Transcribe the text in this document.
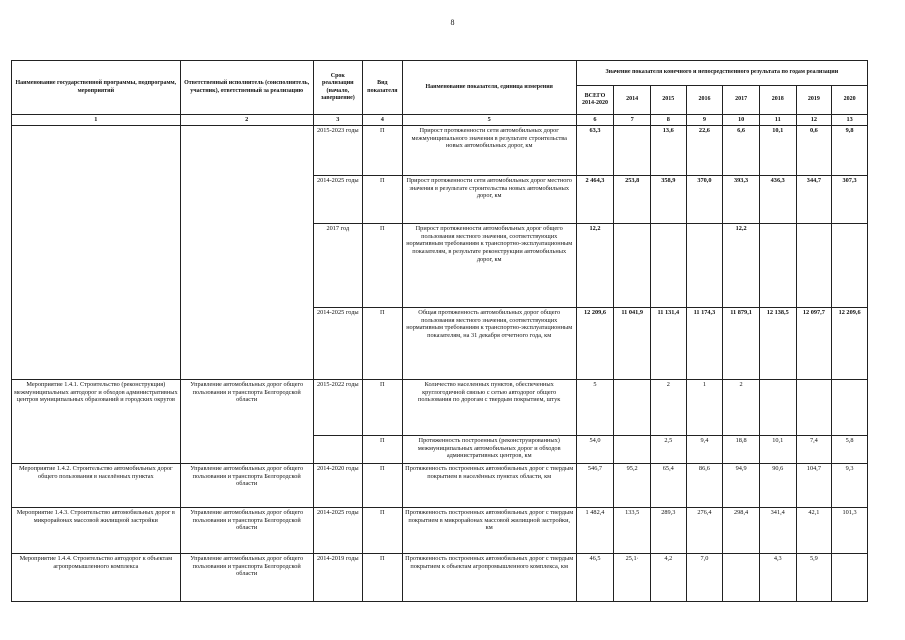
8
Наименование государственной программы, подпрограмм, мероприятий	Ответственный исполнитель (соисполнитель, участник), ответственный за реализацию	Срок реализации (начало, завершение)	Вид показателя	Наименование показателя, единица измерения	Значение показателя конечного и непосредственного результата по годам реализации							
					ВСЕГО 2014-2020	2014	2015	2016	2017	2018	2019	2020
1	2	3	4	5	6	7	8	9	10	11	12	13
		2015-2023 годы	П	Прирост протяженности сети автомобильных дорог межмуниципального значения в результате строительства новых автомобильных дорог, км	63,3		13,6	22,6	6,6	10,1	0,6	9,8
		2014-2025 годы	П	Прирост протяженности сети автомобильных дорог местного значения в результате строительства новых автомобильных дорог, км	2 464,3	253,8	358,9	370,0	393,3	436,3	344,7	307,3
		2017 год	П	Прирост протяженности автомобильных дорог общего пользования местного значения, соответствующих нормативным требованиям к транспортно-эксплуатационным показателям, в результате реконструкции автомобильных дорог, км	12,2				12,2			
		2014-2025 годы	П	Общая протяженность автомобильных дорог общего пользования местного значения, соответствующих нормативным требованиям к транспортно-эксплуатационным показателям, на 31 декабря отчетного года, км	12 209,6	11 041,9	11 131,4	11 174,3	11 879,1	12 138,5	12 097,7	12 209,6
Мероприятие 1.4.1. Строительство (реконструкция) межмуниципальных автодорог и обходов административных центров муниципальных образований и городских округов	Управление автомобильных дорог общего пользования и транспорта Белгородской области	2015-2022 годы	П	Количество населенных пунктов, обеспеченных круглогодичной связью с сетью автодорог общего пользования по дорогам с твердым покрытием, штук	5		2	1	2			
			П	Протяженность построенных (реконструированных) межмуниципальных автомобильных дорог и обходов административных центров, км	54,0		2,5	9,4	18,8	10,1	7,4	5,8
Мероприятие 1.4.2. Строительство автомобильных дорог общего пользования в населённых пунктах	Управление автомобильных дорог общего пользования и транспорта Белгородской области	2014-2020 годы	П	Протяженность построенных автомобильных дорог с твердым покрытием в населённых пунктах области, км	546,7	95,2	65,4	86,6	94,9	90,6	104,7	9,3
Мероприятие 1.4.3. Строительство автомобильных дорог в микрорайонах массовой жилищной застройки	Управление автомобильных дорог общего пользования и транспорта Белгородской области	2014-2025 годы	П	Протяженность построенных автомобильных дорог с твердым покрытием в микрорайонах массовой жилищной застройки, км	1 482,4	133,5	289,3	276,4	298,4	341,4	42,1	101,3
Мероприятие 1.4.4. Строительство автодорог к объектам агропромышленного комплекса	Управление автомобильных дорог общего пользования и транспорта Белгородской области	2014-2019 годы	П	Протяженность построенных автомобильных дорог с твердым покрытием к объектам агропромышленного комплекса, км	46,5	25,1·	4,2	7,0		4,3	5,9	
